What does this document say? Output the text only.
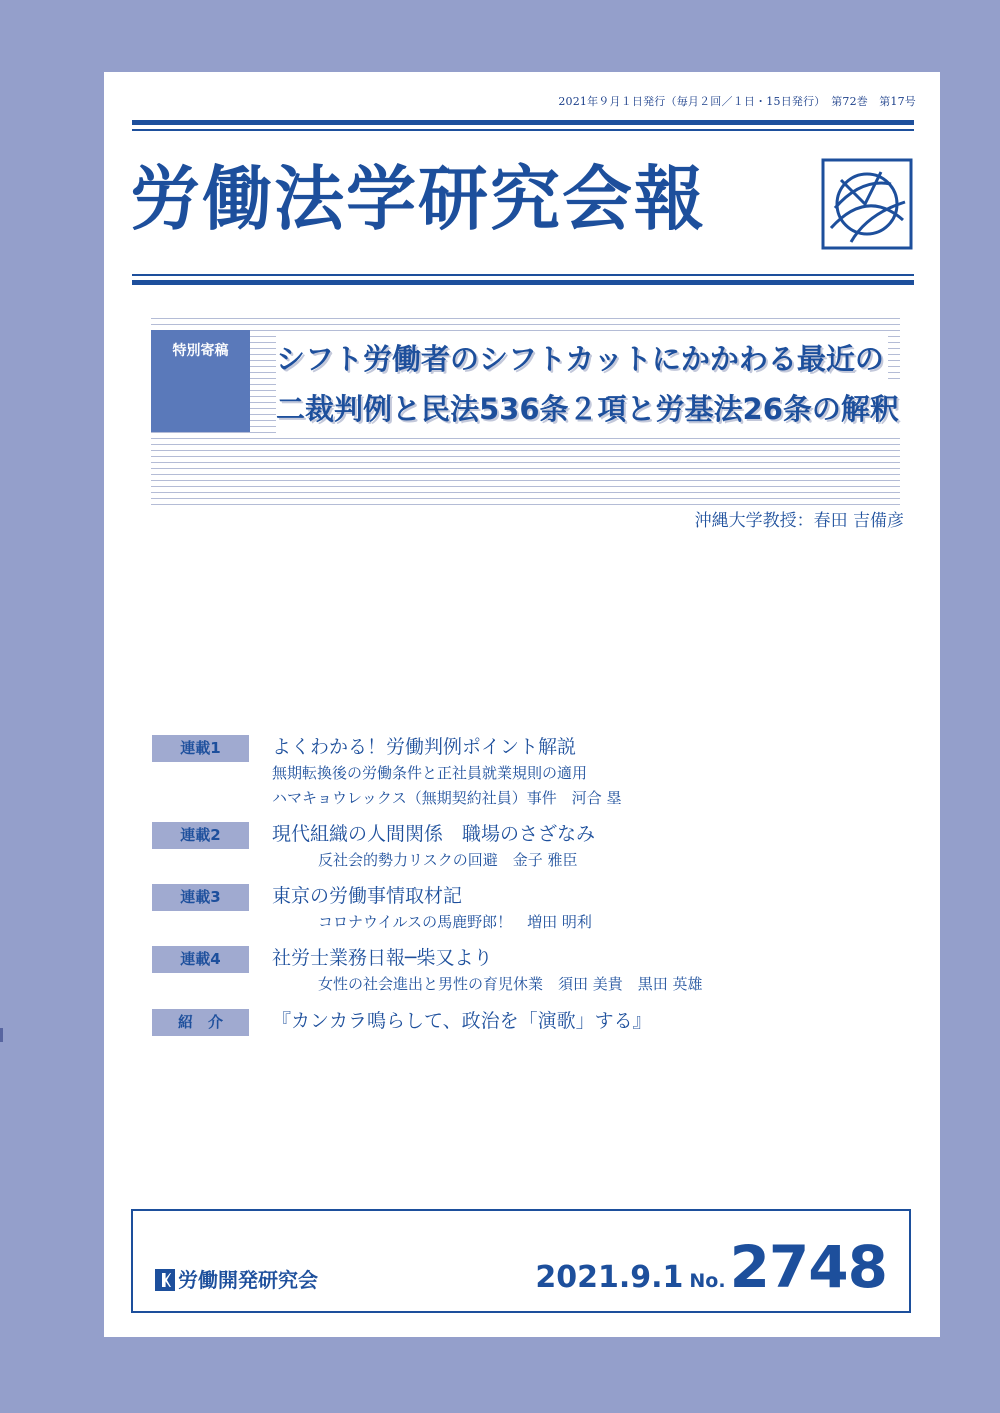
2021年９月１日発行（毎月２回／１日・15日発行）　第72巻　第17号
労働法学研究会報
特別寄稿	シフト労働者のシフトカットにかかわる最近の
二裁判例と民法536条２項と労基法26条の解釈
沖縄大学教授：春田 吉備彦
連載1	よくわかる！労働判例ポイント解説
無期転換後の労働条件と正社員就業規則の適用
ハマキョウレックス（無期契約社員）事件　河合 塁
連載2	現代組織の人間関係　職場のさざなみ
反社会的勢力リスクの回避　金子 雅臣
連載3	東京の労働事情取材記
コロナウイルスの馬鹿野郎！　増田 明利
連載4	社労士業務日報─柴又より
女性の社会進出と男性の育児休業　須田 美貴　黒田 英雄
紹　介	『カンカラ鳴らして、政治を「演歌」する』
労働開発研究会	2021.9.1 No.2748
